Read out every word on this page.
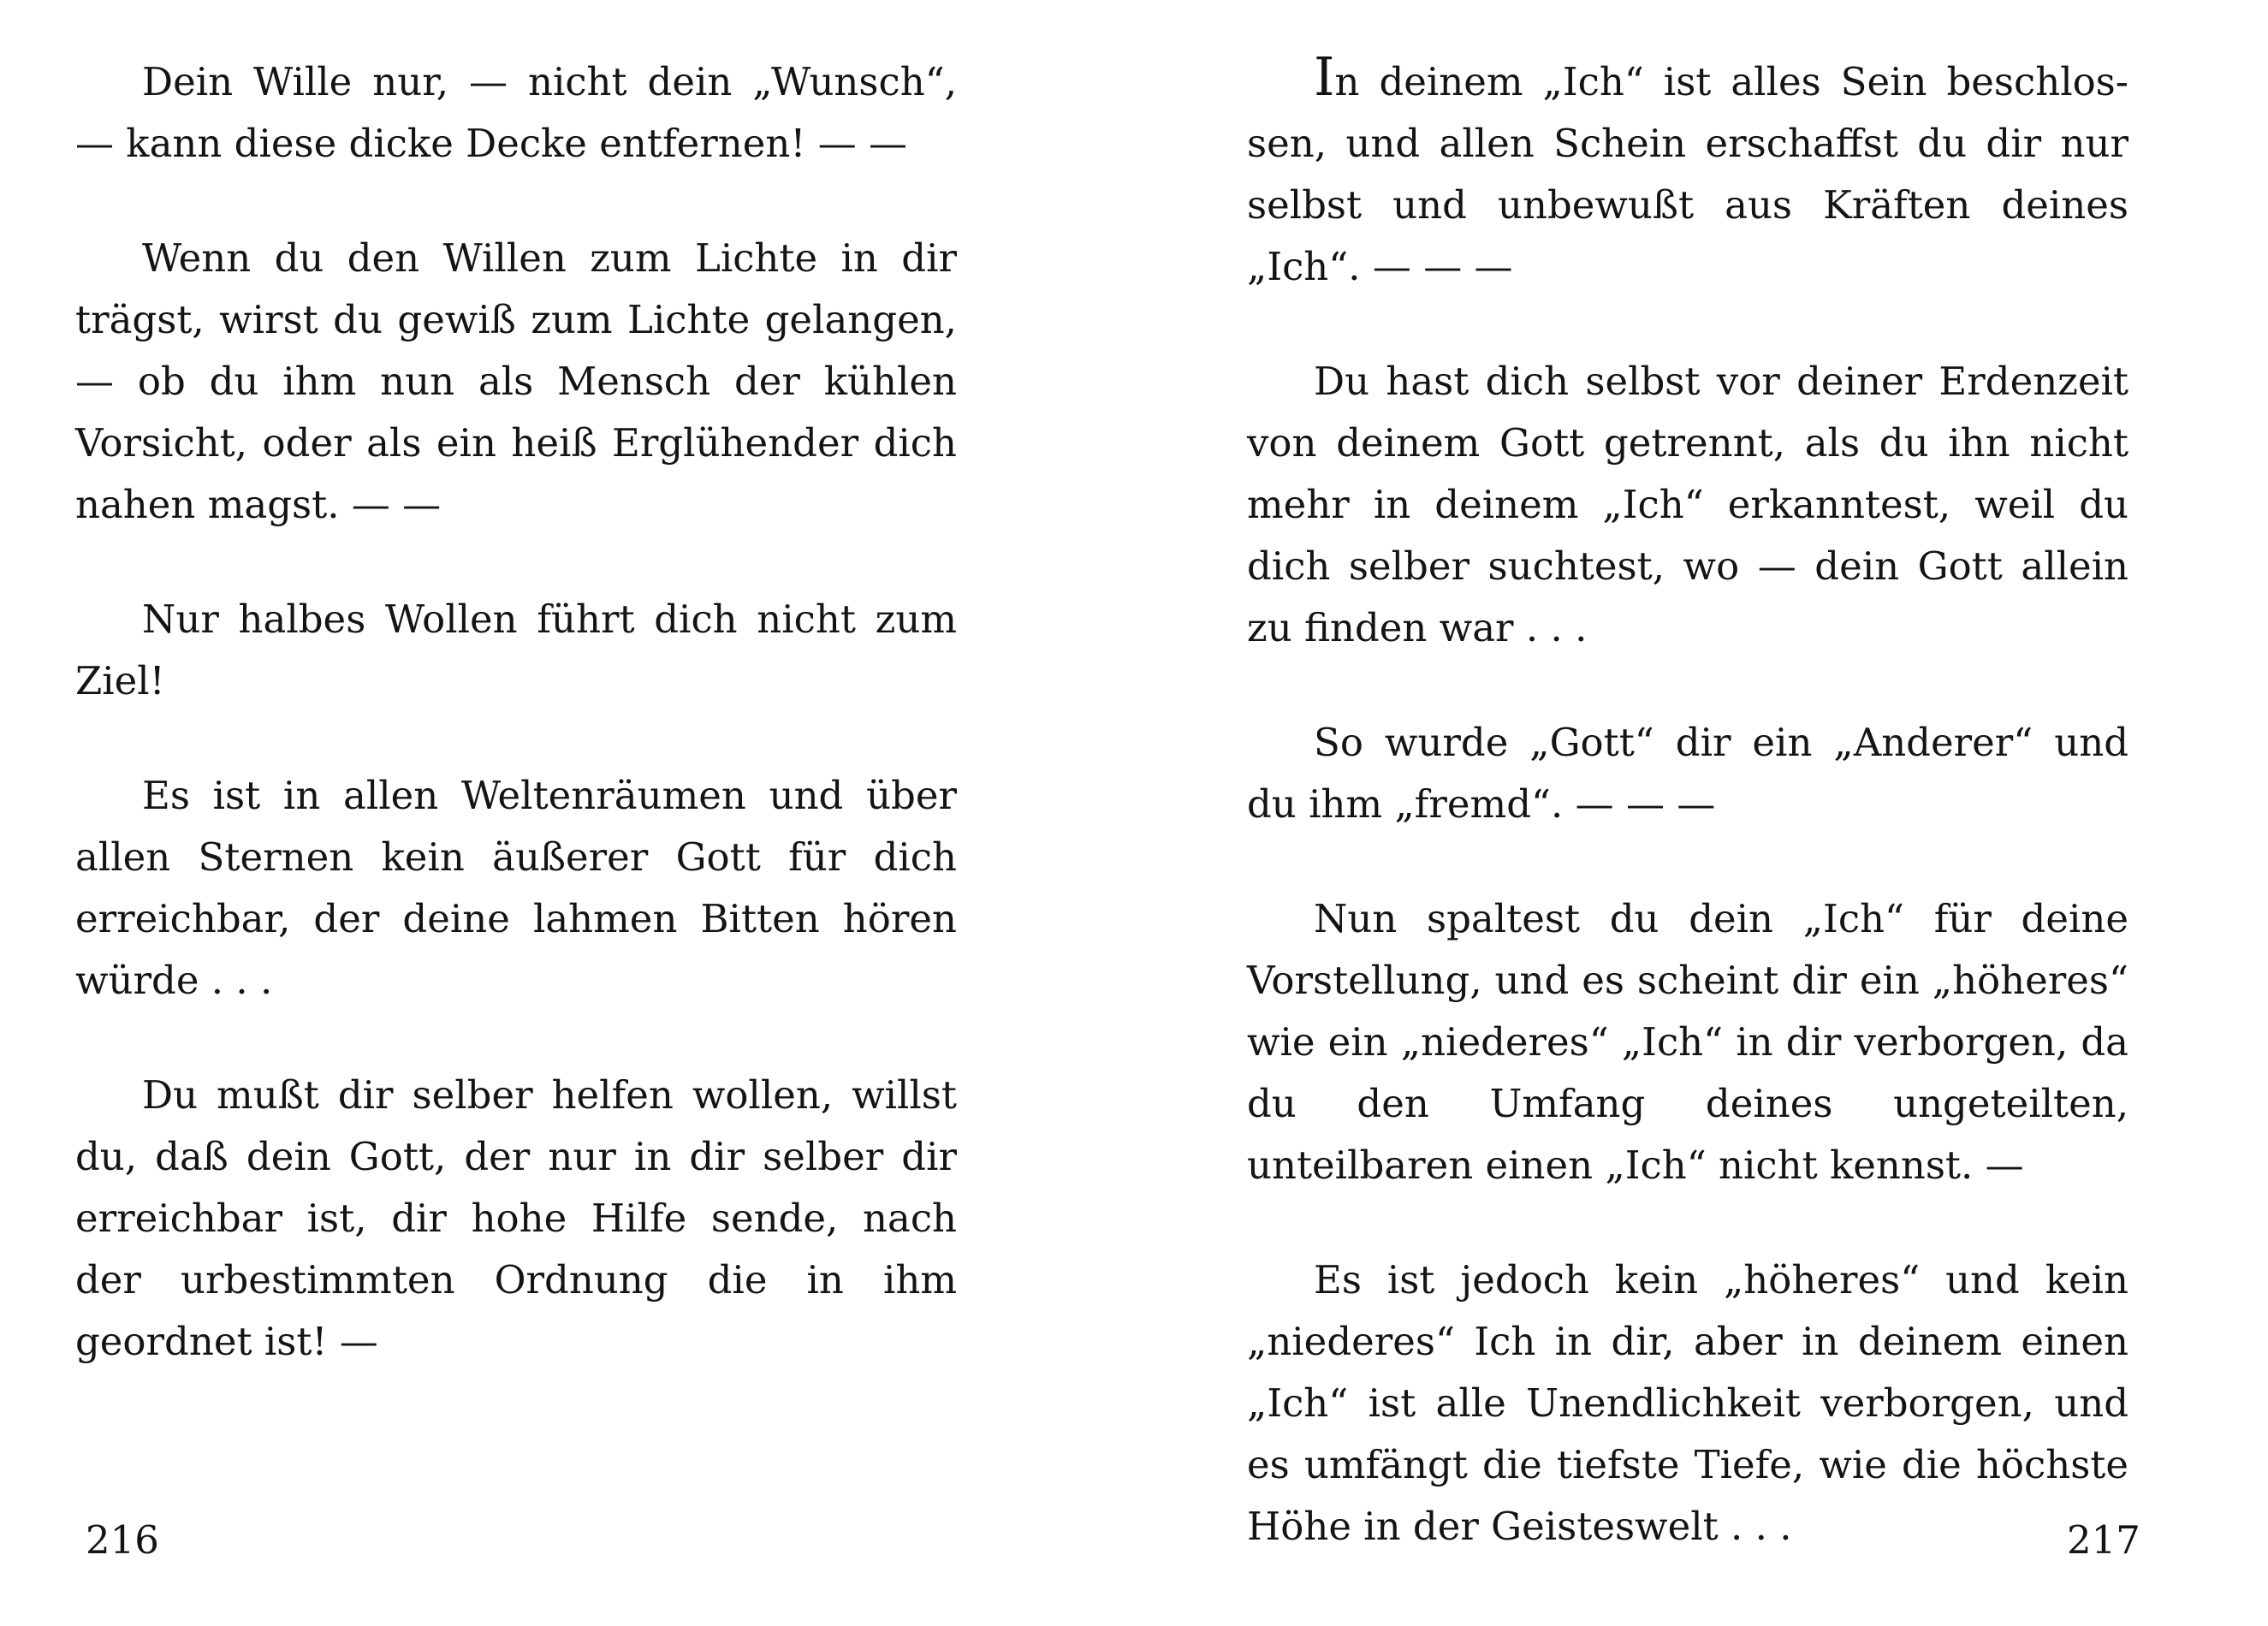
Dein Wille nur, — nicht dein „Wunsch“, — kann diese dicke Decke entfernen! — —

Wenn du den Willen zum Lichte in dir trägst, wirst du gewiß zum Lichte gelangen, — ob du ihm nun als Mensch der kühlen Vorsicht, oder als ein heiß Erglühender dich nahen magst. — —

Nur halbes Wollen führt dich nicht zum Ziel!

Es ist in allen Weltenräumen und über allen Sternen kein äußerer Gott für dich erreichbar, der deine lahmen Bitten hören würde . . .

Du mußt dir selber helfen wollen, willst du, daß dein Gott, der nur in dir selber dir erreichbar ist, dir hohe Hilfe sende, nach der urbestimmten Ordnung die in ihm geordnet ist! —

216

In deinem „Ich“ ist alles Sein beschlossen, und allen Schein erschaffst du dir nur selbst und unbewußt aus Kräften deines „Ich“. — — —

Du hast dich selbst vor deiner Erdenzeit von deinem Gott getrennt, als du ihn nicht mehr in deinem „Ich“ erkanntest, weil du dich selber suchtest, wo — dein Gott allein zu finden war . . .

So wurde „Gott“ dir ein „Anderer“ und du ihm „fremd“. — — —

Nun spaltest du dein „Ich“ für deine Vorstellung, und es scheint dir ein „höheres“ wie ein „niederes“ „Ich“ in dir verborgen, da du den Umfang deines ungeteilten, unteilbaren einen „Ich“ nicht kennst. —

Es ist jedoch kein „höheres“ und kein „niederes“ Ich in dir, aber in deinem einen „Ich“ ist alle Unendlichkeit verborgen, und es umfängt die tiefste Tiefe, wie die höchste Höhe in der Geisteswelt . . .	217
